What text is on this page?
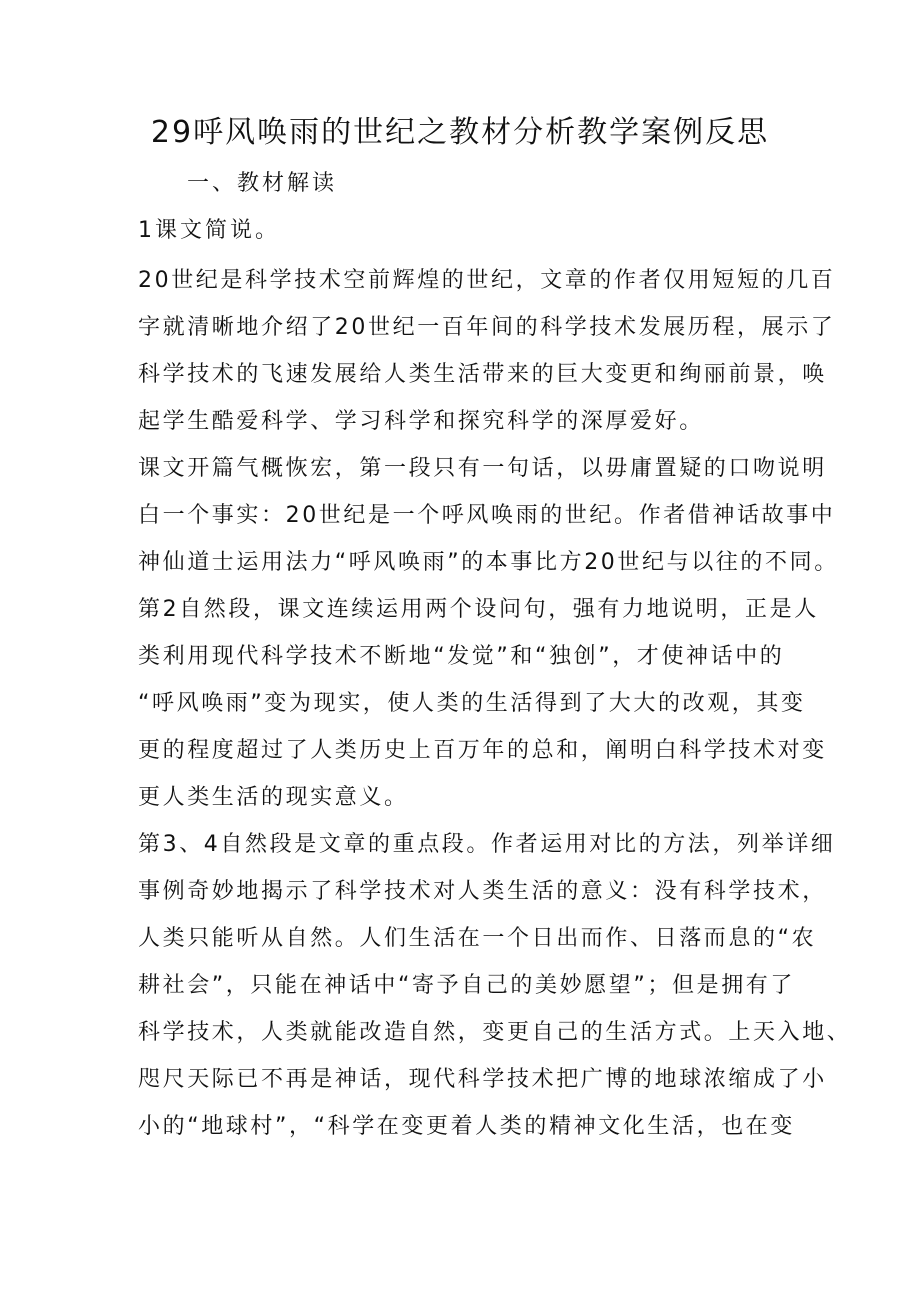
29呼风唤雨的世纪之教材分析教学案例反思
一、教材解读
1课文简说。
20世纪是科学技术空前辉煌的世纪，文章的作者仅用短短的几百
字就清晰地介绍了20世纪一百年间的科学技术发展历程，展示了
科学技术的飞速发展给人类生活带来的巨大变更和绚丽前景，唤
起学生酷爱科学、学习科学和探究科学的深厚爱好。
课文开篇气概恢宏，第一段只有一句话，以毋庸置疑的口吻说明
白一个事实：20世纪是一个呼风唤雨的世纪。作者借神话故事中
神仙道士运用法力“呼风唤雨”的本事比方20世纪与以往的不同。
第2自然段，课文连续运用两个设问句，强有力地说明，正是人
类利用现代科学技术不断地“发觉”和“独创”，才使神话中的
“呼风唤雨”变为现实，使人类的生活得到了大大的改观，其变
更的程度超过了人类历史上百万年的总和，阐明白科学技术对变
更人类生活的现实意义。
第3、4自然段是文章的重点段。作者运用对比的方法，列举详细
事例奇妙地揭示了科学技术对人类生活的意义：没有科学技术，
人类只能听从自然。人们生活在一个日出而作、日落而息的“农
耕社会”，只能在神话中“寄予自己的美妙愿望”；但是拥有了
科学技术，人类就能改造自然，变更自己的生活方式。上天入地、
咫尺天际已不再是神话，现代科学技术把广博的地球浓缩成了小
小的“地球村”，“科学在变更着人类的精神文化生活，也在变
